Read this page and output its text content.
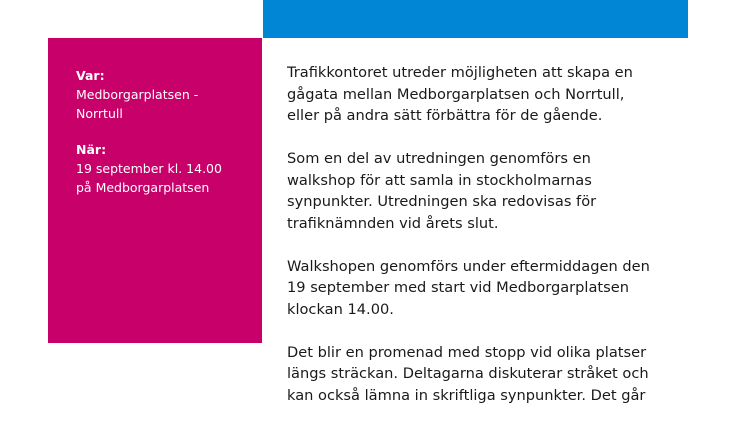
Var:
Medborgarplatsen -
Norrtull
När:
19 september kl. 14.00
på Medborgarplatsen

Trafikkontoret utreder möjligheten att skapa en
gågata mellan Medborgarplatsen och Norrtull,
eller på andra sätt förbättra för de gående.

Som en del av utredningen genomförs en
walkshop för att samla in stockholmarnas
synpunkter. Utredningen ska redovisas för
trafiknämnden vid årets slut.

Walkshopen genomförs under eftermiddagen den
19 september med start vid Medborgarplatsen
klockan 14.00.

Det blir en promenad med stopp vid olika platser
längs sträckan. Deltagarna diskuterar stråket och
kan också lämna in skriftliga synpunkter. Det går
